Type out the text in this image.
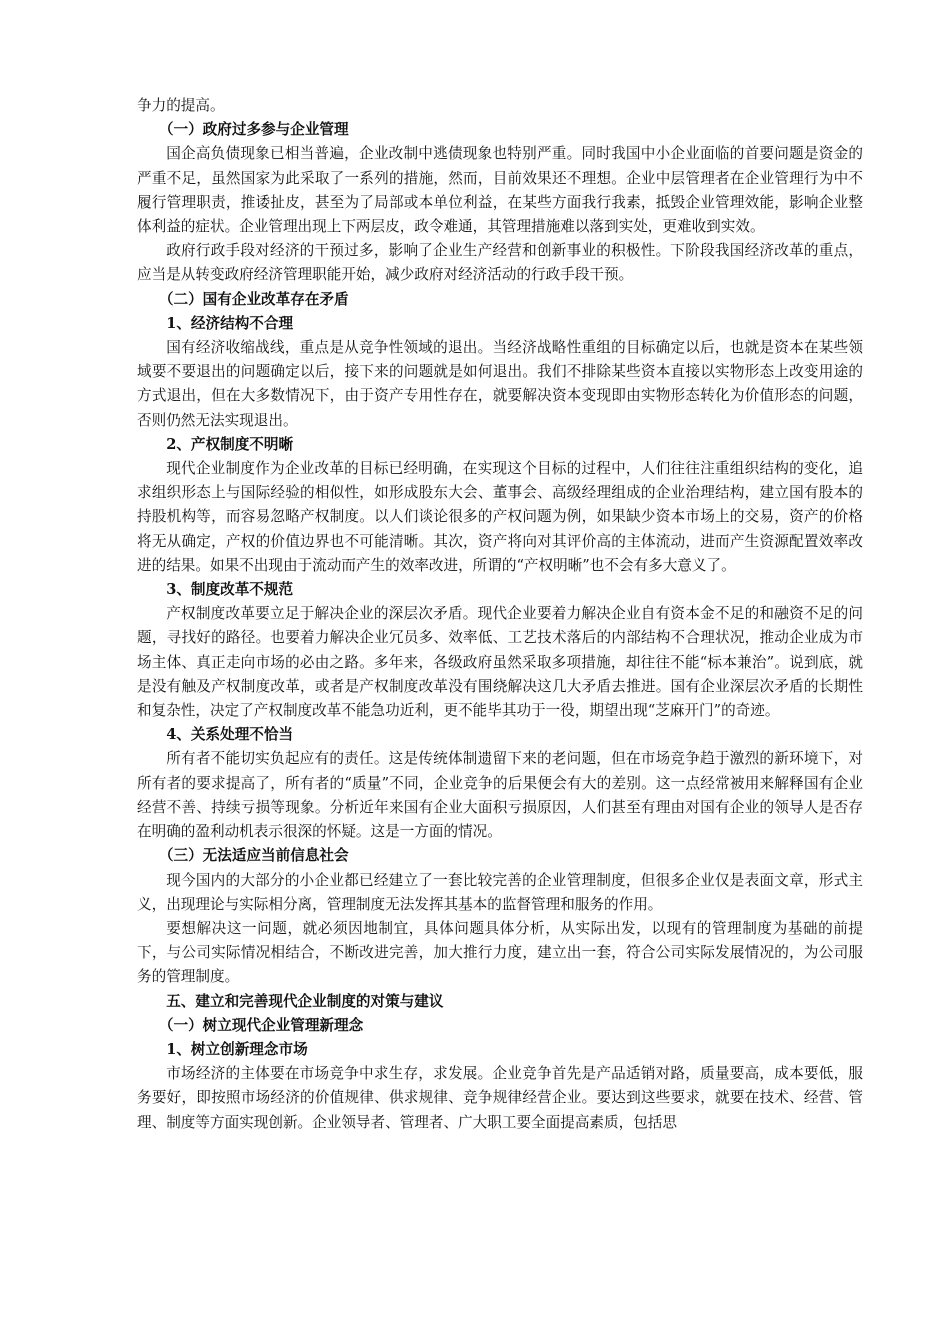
争力的提高。

（一）政府过多参与企业管理

国企高负债现象已相当普遍，企业改制中逃债现象也特别严重。同时我国中小企业面临的首要问题是资金的严重不足，虽然国家为此采取了一系列的措施，然而，目前效果还不理想。企业中层管理者在企业管理行为中不履行管理职责，推诿扯皮，甚至为了局部或本单位利益，在某些方面我行我素，抵毁企业管理效能，影响企业整体利益的症状。企业管理出现上下两层皮，政令难通，其管理措施难以落到实处，更难收到实效。

政府行政手段对经济的干预过多，影响了企业生产经营和创新事业的积极性。下阶段我国经济改革的重点，应当是从转变政府经济管理职能开始，减少政府对经济活动的行政手段干预。

（二）国有企业改革存在矛盾

1、经济结构不合理

国有经济收缩战线，重点是从竞争性领域的退出。当经济战略性重组的目标确定以后，也就是资本在某些领域要不要退出的问题确定以后，接下来的问题就是如何退出。我们不排除某些资本直接以实物形态上改变用途的方式退出，但在大多数情况下，由于资产专用性存在，就要解决资本变现即由实物形态转化为价值形态的问题，否则仍然无法实现退出。

2、产权制度不明晰

现代企业制度作为企业改革的目标已经明确，在实现这个目标的过程中，人们往往注重组织结构的变化，追求组织形态上与国际经验的相似性，如形成股东大会、董事会、高级经理组成的企业治理结构，建立国有股本的持股机构等，而容易忽略产权制度。以人们谈论很多的产权问题为例，如果缺少资本市场上的交易，资产的价格将无从确定，产权的价值边界也不可能清晰。其次，资产将向对其评价高的主体流动，进而产生资源配置效率改进的结果。如果不出现由于流动而产生的效率改进，所谓的“产权明晰”也不会有多大意义了。

3、制度改革不规范

产权制度改革要立足于解决企业的深层次矛盾。现代企业要着力解决企业自有资本金不足的和融资不足的问题，寻找好的路径。也要着力解决企业冗员多、效率低、工艺技术落后的内部结构不合理状况，推动企业成为市场主体、真正走向市场的必由之路。多年来，各级政府虽然采取多项措施，却往往不能“标本兼治”。说到底，就是没有触及产权制度改革，或者是产权制度改革没有围绕解决这几大矛盾去推进。国有企业深层次矛盾的长期性和复杂性，决定了产权制度改革不能急功近利，更不能毕其功于一役，期望出现“芝麻开门”的奇迹。

4、关系处理不恰当

所有者不能切实负起应有的责任。这是传统体制遗留下来的老问题，但在市场竞争趋于激烈的新环境下，对所有者的要求提高了，所有者的“质量”不同，企业竞争的后果便会有大的差别。这一点经常被用来解释国有企业经营不善、持续亏损等现象。分析近年来国有企业大面积亏损原因，人们甚至有理由对国有企业的领导人是否存在明确的盈利动机表示很深的怀疑。这是一方面的情况。

（三）无法适应当前信息社会

现今国内的大部分的小企业都已经建立了一套比较完善的企业管理制度，但很多企业仅是表面文章，形式主义，出现理论与实际相分离，管理制度无法发挥其基本的监督管理和服务的作用。

要想解决这一问题，就必须因地制宜，具体问题具体分析，从实际出发，以现有的管理制度为基础的前提下，与公司实际情况相结合，不断改进完善，加大推行力度，建立出一套，符合公司实际发展情况的，为公司服务的管理制度。

五、建立和完善现代企业制度的对策与建议

（一）树立现代企业管理新理念

1、树立创新理念市场

市场经济的主体要在市场竞争中求生存，求发展。企业竞争首先是产品适销对路，质量要高，成本要低，服务要好，即按照市场经济的价值规律、供求规律、竞争规律经营企业。要达到这些要求，就要在技术、经营、管理、制度等方面实现创新。企业领导者、管理者、广大职工要全面提高素质，包括思
